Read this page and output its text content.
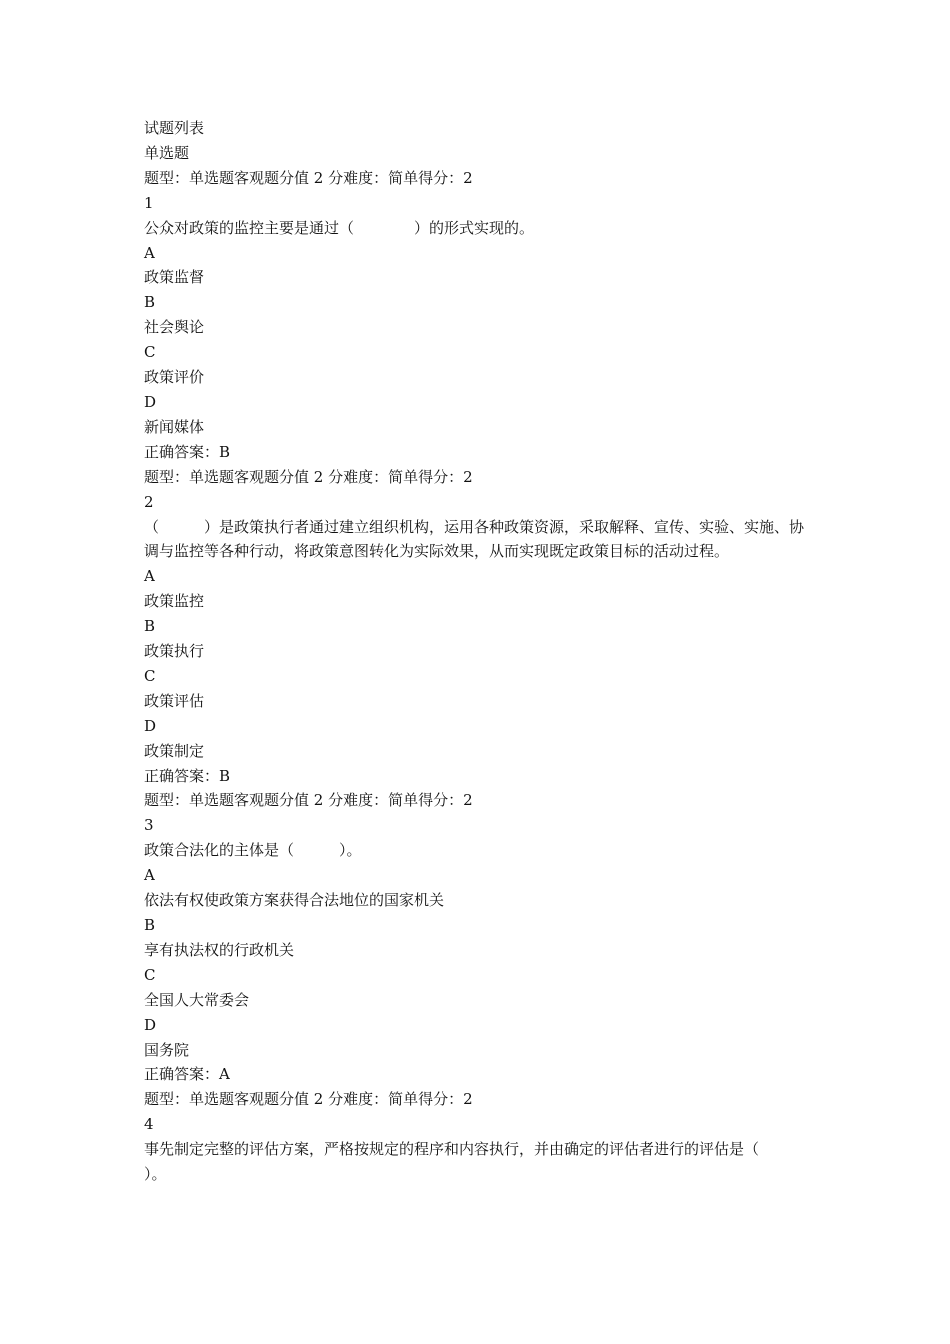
试题列表

单选题

题型：单选题客观题分值 2 分难度：简单得分：2

1

公众对政策的监控主要是通过（　　　　）的形式实现的。

A

政策监督

B

社会舆论

C

政策评价

D

新闻媒体

正确答案：B

题型：单选题客观题分值 2 分难度：简单得分：2

2

（　　　）是政策执行者通过建立组织机构，运用各种政策资源，采取解释、宣传、实验、实施、协调与监控等各种行动，将政策意图转化为实际效果，从而实现既定政策目标的活动过程。

A

政策监控

B

政策执行

C

政策评估

D

政策制定

正确答案：B

题型：单选题客观题分值 2 分难度：简单得分：2

3

政策合法化的主体是（　　　）。

A

依法有权使政策方案获得合法地位的国家机关

B

享有执法权的行政机关

C

全国人大常委会

D

国务院

正确答案：A

题型：单选题客观题分值 2 分难度：简单得分：2

4

事先制定完整的评估方案，严格按规定的程序和内容执行，并由确定的评估者进行的评估是（　　　　）。
